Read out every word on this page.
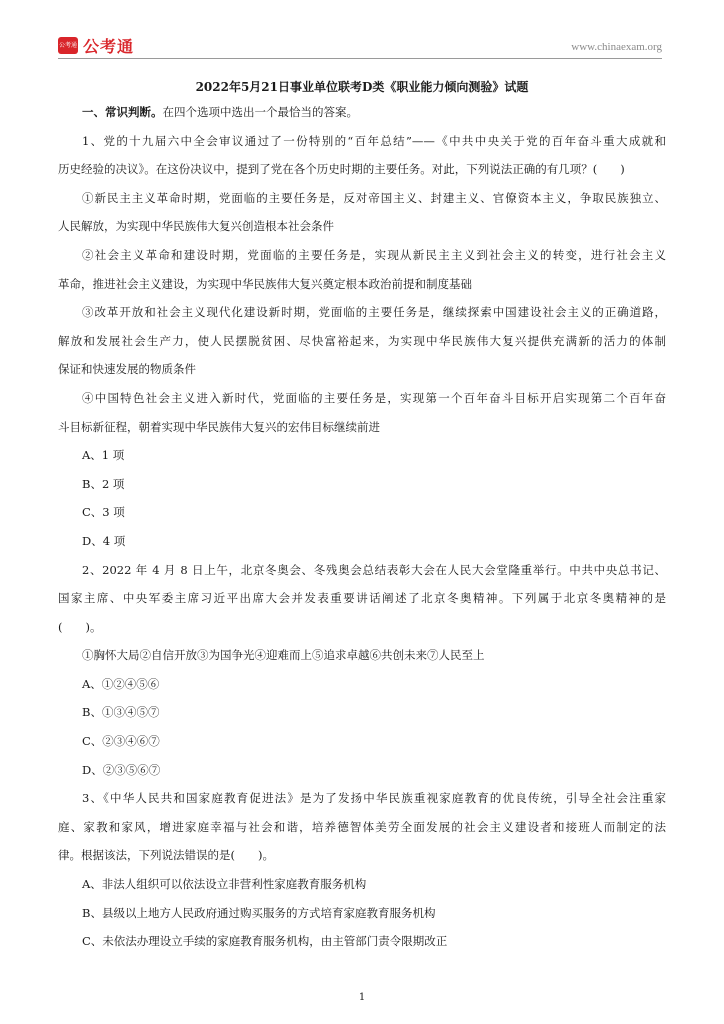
公考通 公考通	www.chinaexam.org
2022年5月21日事业单位联考D类《职业能力倾向测验》试题
一、常识判断。在四个选项中选出一个最恰当的答案。
1、党的十九届六中全会审议通过了一份特别的“百年总结”——《中共中央关于党的百年奋斗重大成就和
历史经验的决议》。在这份决议中，提到了党在各个历史时期的主要任务。对此，下列说法正确的有几项？(　　)
①新民主主义革命时期，党面临的主要任务是，反对帝国主义、封建主义、官僚资本主义，争取民族独立、
人民解放，为实现中华民族伟大复兴创造根本社会条件
②社会主义革命和建设时期，党面临的主要任务是，实现从新民主主义到社会主义的转变，进行社会主义
革命，推进社会主义建设，为实现中华民族伟大复兴奠定根本政治前提和制度基础
③改革开放和社会主义现代化建设新时期，党面临的主要任务是，继续探索中国建设社会主义的正确道路，
解放和发展社会生产力，使人民摆脱贫困、尽快富裕起来，为实现中华民族伟大复兴提供充满新的活力的体制
保证和快速发展的物质条件
④中国特色社会主义进入新时代，党面临的主要任务是，实现第一个百年奋斗目标开启实现第二个百年奋
斗目标新征程，朝着实现中华民族伟大复兴的宏伟目标继续前进
A、1 项
B、2 项
C、3 项
D、4 项
2、2022 年 4 月 8 日上午，北京冬奥会、冬残奥会总结表彰大会在人民大会堂隆重举行。中共中央总书记、
国家主席、中央军委主席习近平出席大会并发表重要讲话阐述了北京冬奥精神。下列属于北京冬奥精神的是
(　　)。
①胸怀大局②自信开放③为国争光④迎难而上⑤追求卓越⑥共创未来⑦人民至上
A、①②④⑤⑥
B、①③④⑤⑦
C、②③④⑥⑦
D、②③⑤⑥⑦
3、《中华人民共和国家庭教育促进法》是为了发扬中华民族重视家庭教育的优良传统，引导全社会注重家
庭、家教和家风，增进家庭幸福与社会和谐，培养德智体美劳全面发展的社会主义建设者和接班人而制定的法
律。根据该法，下列说法错误的是(　　)。
A、非法人组织可以依法设立非营利性家庭教育服务机构
B、县级以上地方人民政府通过购买服务的方式培育家庭教育服务机构
C、未依法办理设立手续的家庭教育服务机构，由主管部门责令限期改正
1
